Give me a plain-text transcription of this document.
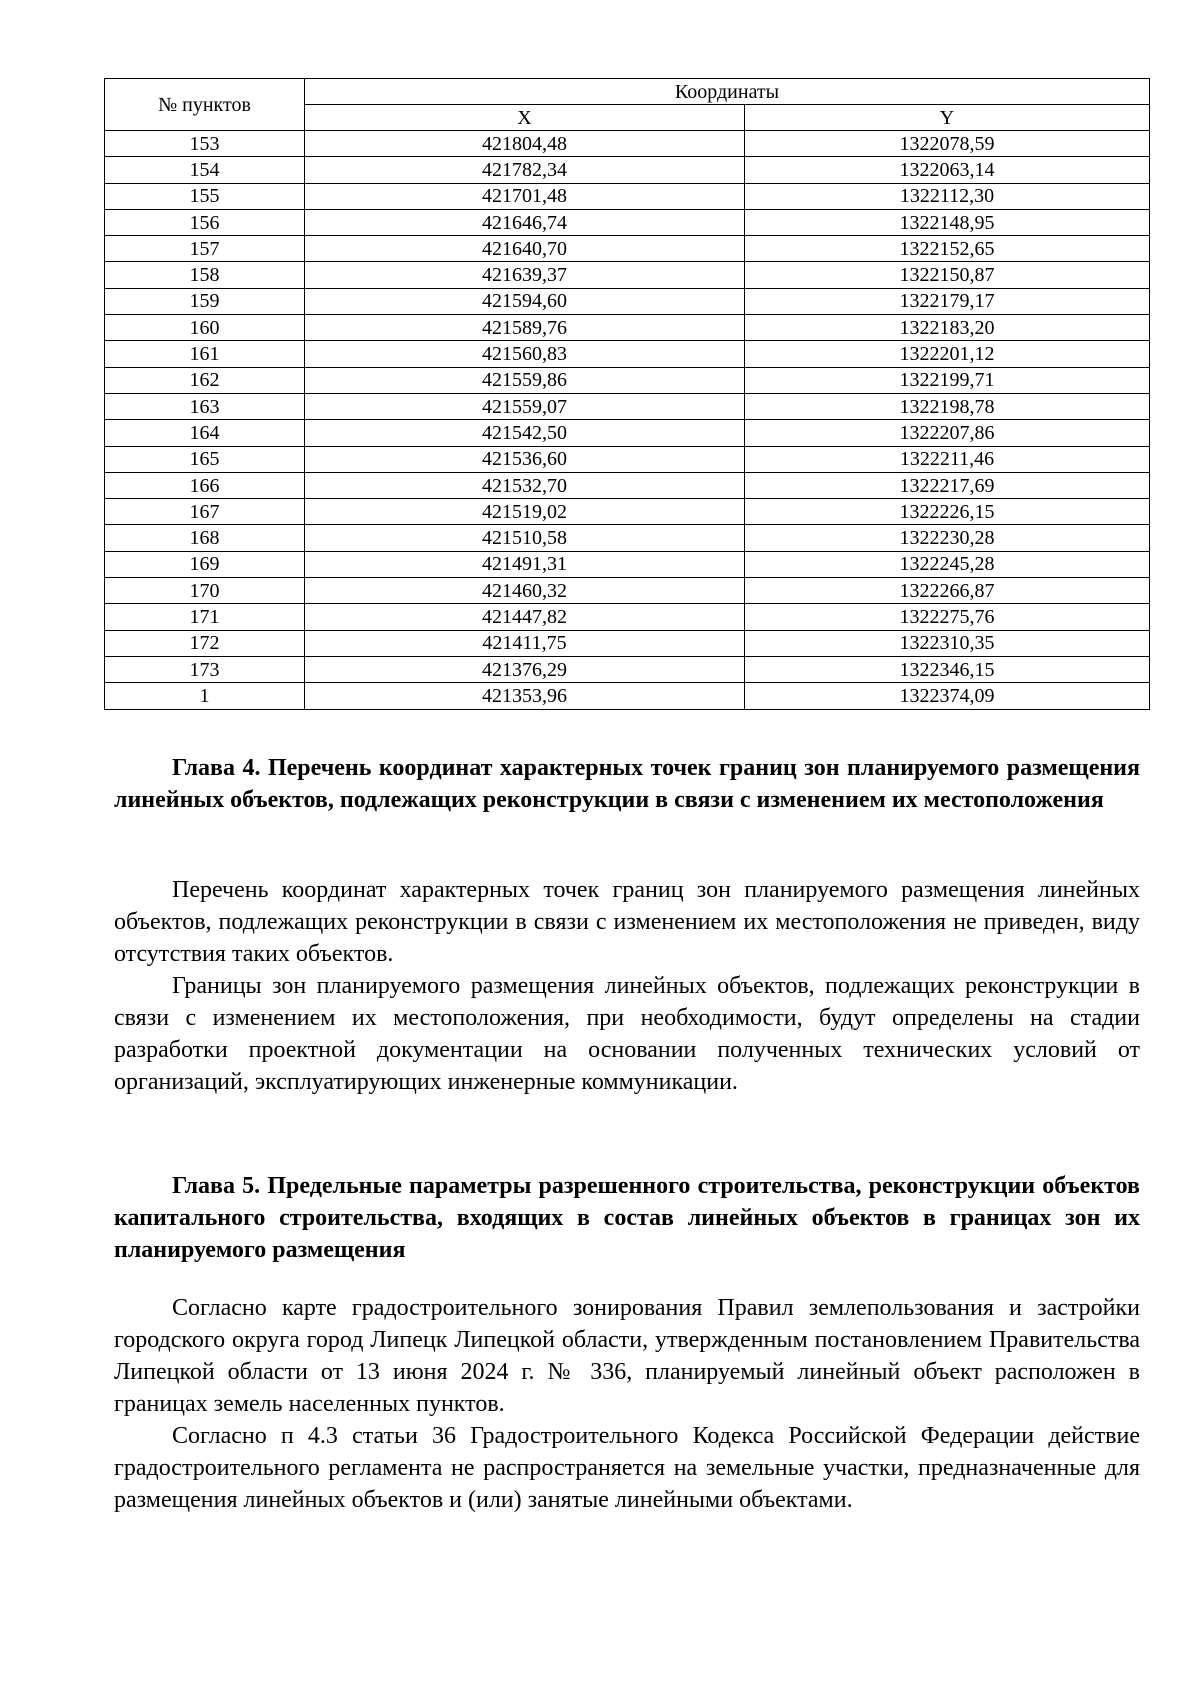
№ пунктов	Координаты	
	X	Y
153	421804,48	1322078,59
154	421782,34	1322063,14
155	421701,48	1322112,30
156	421646,74	1322148,95
157	421640,70	1322152,65
158	421639,37	1322150,87
159	421594,60	1322179,17
160	421589,76	1322183,20
161	421560,83	1322201,12
162	421559,86	1322199,71
163	421559,07	1322198,78
164	421542,50	1322207,86
165	421536,60	1322211,46
166	421532,70	1322217,69
167	421519,02	1322226,15
168	421510,58	1322230,28
169	421491,31	1322245,28
170	421460,32	1322266,87
171	421447,82	1322275,76
172	421411,75	1322310,35
173	421376,29	1322346,15
1	421353,96	1322374,09

Глава 4. Перечень координат характерных точек границ зон планируемого размещения линейных объектов, подлежащих реконструкции в связи с изменением их местоположения

Перечень координат характерных точек границ зон планируемого размещения линейных объектов, подлежащих реконструкции в связи с изменением их местоположения не приведен, виду отсутствия таких объектов.

Границы зон планируемого размещения линейных объектов, подлежащих реконструкции в связи с изменением их местоположения, при необходимости, будут определены на стадии разработки проектной документации на основании полученных технических условий от организаций, эксплуатирующих инженерные коммуникации.

Глава 5. Предельные параметры разрешенного строительства, реконструкции объектов капитального строительства, входящих в состав линейных объектов в границах зон их планируемого размещения

Согласно карте градостроительного зонирования Правил землепользования и застройки городского округа город Липецк Липецкой области, утвержденным постановлением Правительства Липецкой области от 13 июня 2024 г. № 336, планируемый линейный объект расположен в границах земель населенных пунктов.

Согласно п 4.3 статьи 36 Градостроительного Кодекса Российской Федерации действие градостроительного регламента не распространяется на земельные участки, предназначенные для размещения линейных объектов и (или) занятые линейными объектами.
